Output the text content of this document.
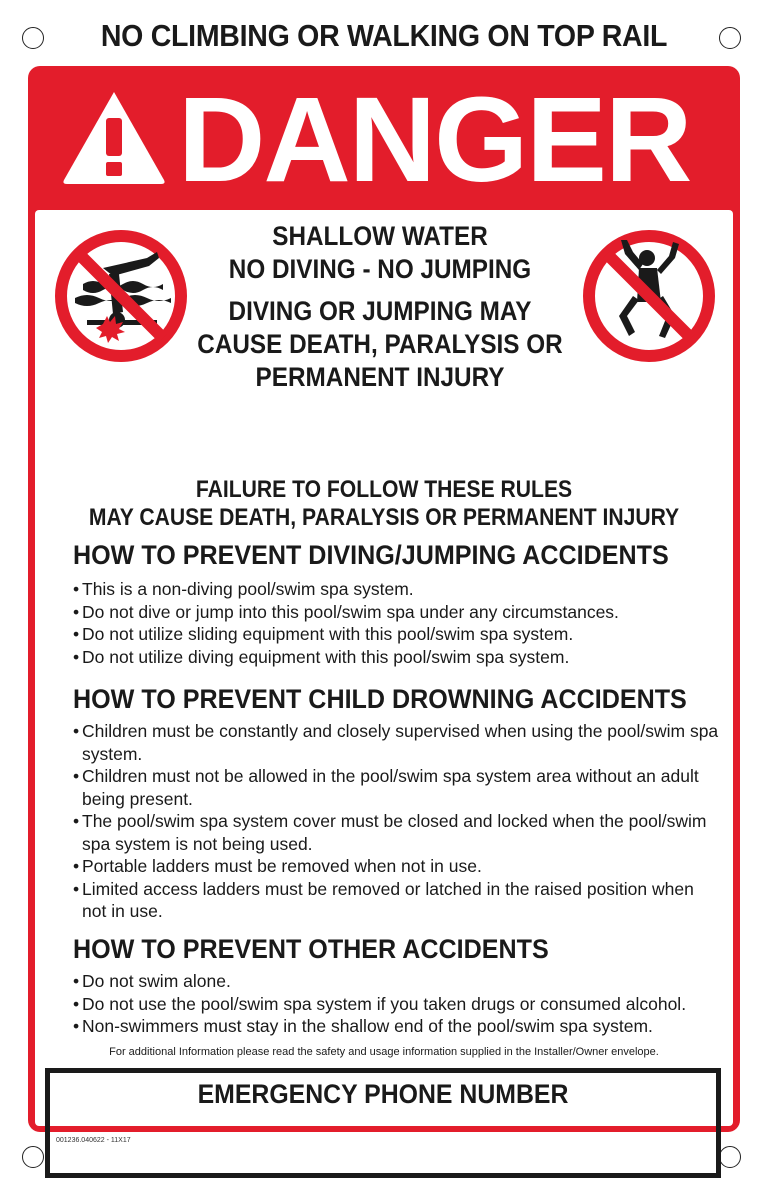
NO CLIMBING OR WALKING ON TOP RAIL
DANGER
SHALLOW WATER
NO DIVING - NO JUMPING
DIVING OR JUMPING MAY
CAUSE DEATH, PARALYSIS OR
PERMANENT INJURY
FAILURE TO FOLLOW THESE RULES
MAY CAUSE DEATH, PARALYSIS OR PERMANENT INJURY
HOW TO PREVENT DIVING/JUMPING ACCIDENTS
• This is a non-diving pool/swim spa system.
• Do not dive or jump into this pool/swim spa under any circumstances.
• Do not utilize sliding equipment with this pool/swim spa system.
• Do not utilize diving equipment with this pool/swim spa system.
HOW TO PREVENT CHILD DROWNING ACCIDENTS
• Children must be constantly and closely supervised when using the pool/swim spa system.
• Children must not be allowed in the pool/swim spa system area without an adult being present.
• The pool/swim spa system cover must be closed and locked when the pool/swim spa system is not being used.
• Portable ladders must be removed when not in use.
• Limited access ladders must be removed or latched in the raised position when not in use.
HOW TO PREVENT OTHER ACCIDENTS
• Do not swim alone.
• Do not use the pool/swim spa system if you taken drugs or consumed alcohol.
• Non-swimmers must stay in the shallow end of the pool/swim spa system.
For additional Information please read the safety and usage information supplied in the Installer/Owner envelope.
EMERGENCY PHONE NUMBER
001236.040622 - 11X17
